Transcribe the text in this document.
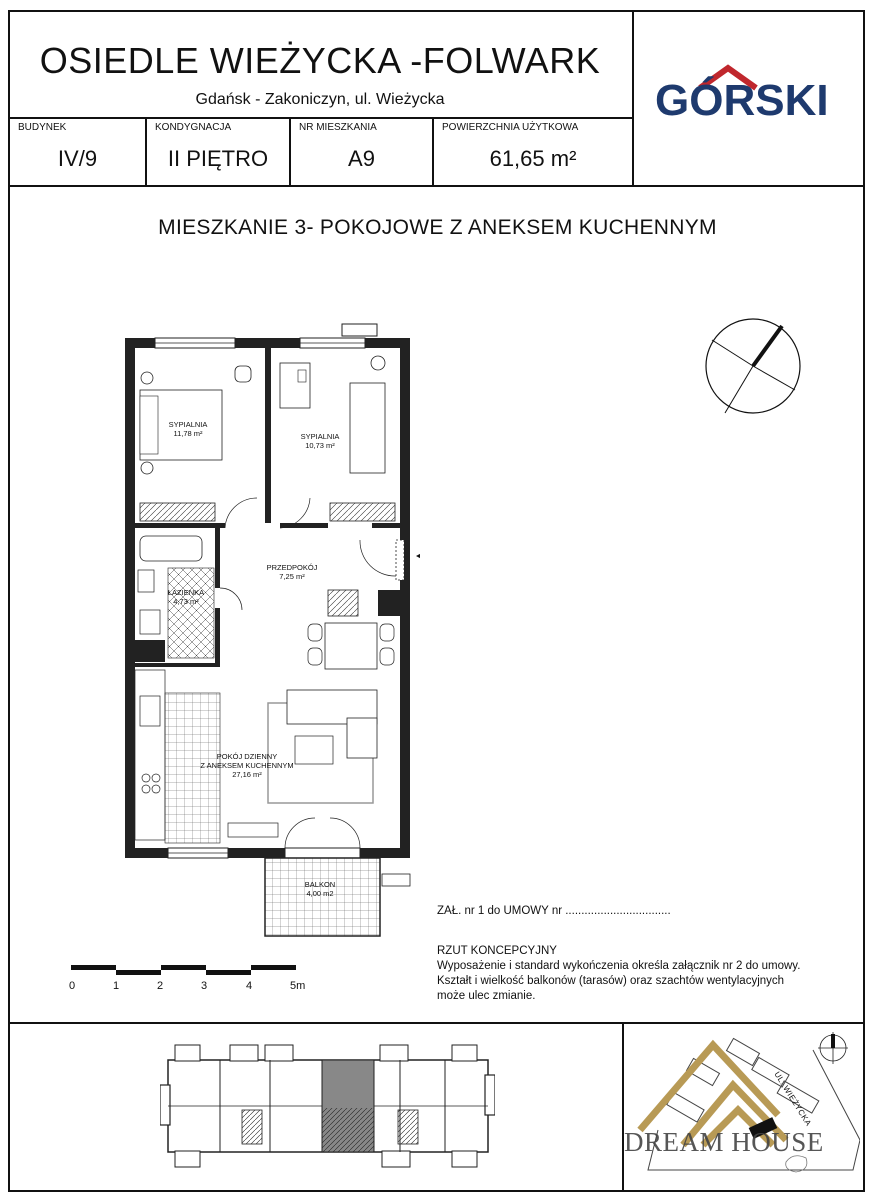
OSIEDLE WIEŻYCKA -FOLWARK
Gdańsk - Zakoniczyn, ul. Wieżycka	GÓRSKI
BUDYNEK
IV/9
KONDYGNACJA
II PIĘTRO
NR MIESZKANIA
A9
POWIERZCHNIA UŻYTKOWA
61,65 m²
MIESZKANIE 3- POKOJOWE Z ANEKSEM KUCHENNYM
SYPIALNIA
11,78 m²	SYPIALNIA
10,73 m²
PRZEDPOKÓJ
7,25 m²
ŁAZIENKA
4,73 m²
POKÓJ DZIENNY
Z ANEKSEM KUCHENNYM
27,16 m²
BALKON
4,00 m2
ZAŁ. nr 1 do UMOWY nr .................................
RZUT KONCEPCYJNY
Wyposażenie i standard wykończenia określa załącznik nr 2 do umowy.
Kształt i wielkość balkonów (tarasów) oraz szachtów wentylacyjnych
może ulec zmianie.
0	1	2	3	4	5m
UL. WIEŻYCKA
DREAM HOUSE
